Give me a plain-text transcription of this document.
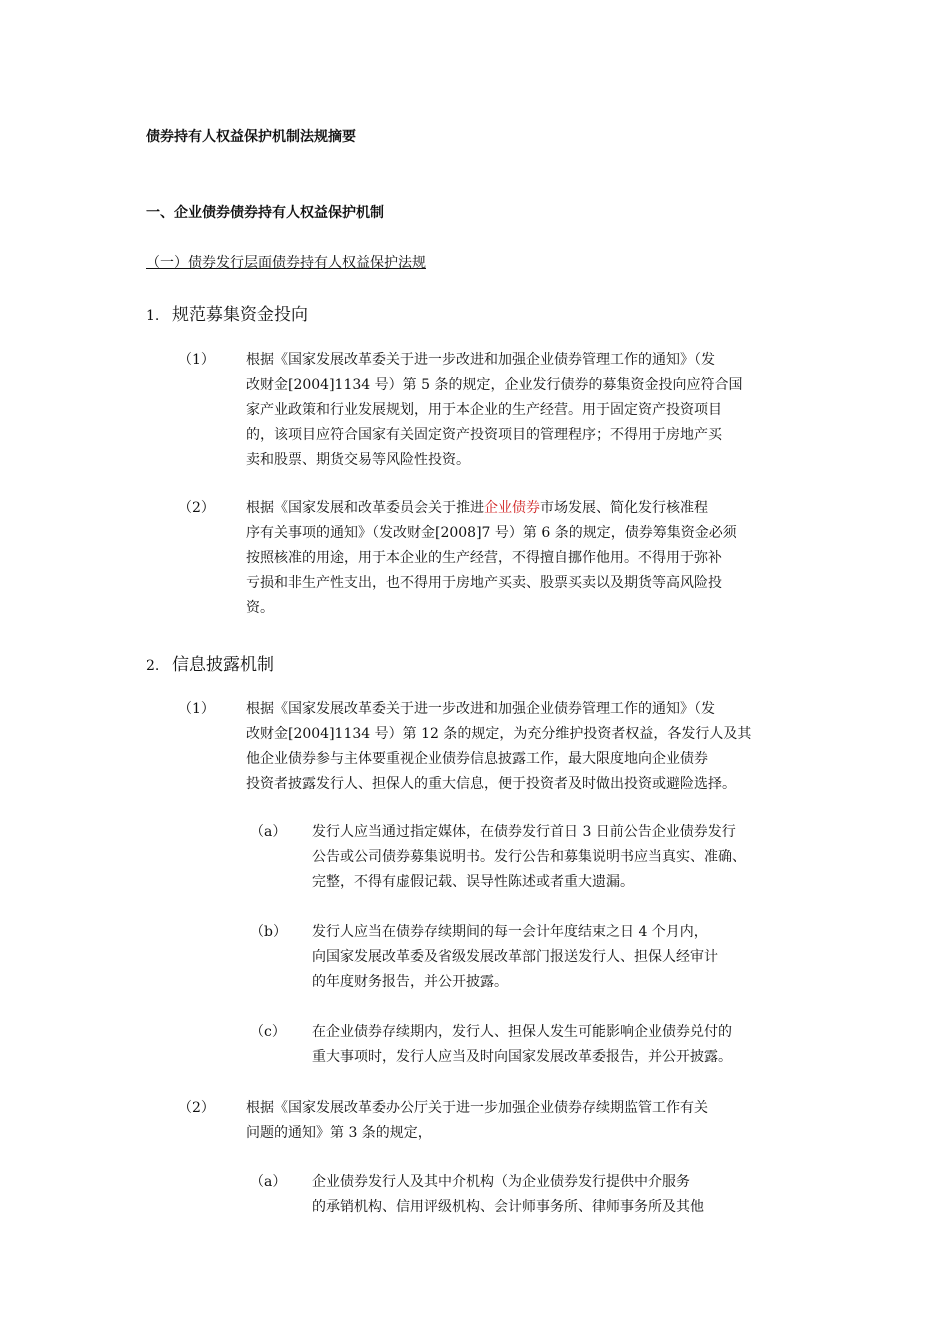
债券持有人权益保护机制法规摘要
一、企业债券债券持有人权益保护机制
（一）债券发行层面债券持有人权益保护法规
1. 规范募集资金投向
（1） 根据《国家发展改革委关于进一步改进和加强企业债券管理工作的通知》（发
改财金[2004]1134 号）第 5 条的规定，企业发行债券的募集资金投向应符合国
家产业政策和行业发展规划，用于本企业的生产经营。用于固定资产投资项目
的，该项目应符合国家有关固定资产投资项目的管理程序；不得用于房地产买
卖和股票、期货交易等风险性投资。
（2） 根据《国家发展和改革委员会关于推进企业债券市场发展、简化发行核准程
序有关事项的通知》（发改财金[2008]7 号）第 6 条的规定，债券筹集资金必须
按照核准的用途，用于本企业的生产经营，不得擅自挪作他用。不得用于弥补
亏损和非生产性支出，也不得用于房地产买卖、股票买卖以及期货等高风险投
资。
2. 信息披露机制
（1） 根据《国家发展改革委关于进一步改进和加强企业债券管理工作的通知》（发
改财金[2004]1134 号）第 12 条的规定，为充分维护投资者权益，各发行人及其
他企业债券参与主体要重视企业债券信息披露工作，最大限度地向企业债券
投资者披露发行人、担保人的重大信息，便于投资者及时做出投资或避险选择。
（a） 发行人应当通过指定媒体，在债券发行首日 3 日前公告企业债券发行
公告或公司债券募集说明书。发行公告和募集说明书应当真实、准确、
完整，不得有虚假记载、误导性陈述或者重大遗漏。
（b） 发行人应当在债券存续期间的每一会计年度结束之日 4 个月内，
向国家发展改革委及省级发展改革部门报送发行人、担保人经审计
的年度财务报告，并公开披露。
（c） 在企业债券存续期内，发行人、担保人发生可能影响企业债券兑付的
重大事项时，发行人应当及时向国家发展改革委报告，并公开披露。
（2） 根据《国家发展改革委办公厅关于进一步加强企业债券存续期监管工作有关
问题的通知》第 3 条的规定，
（a） 企业债券发行人及其中介机构（为企业债券发行提供中介服务
的承销机构、信用评级机构、会计师事务所、律师事务所及其他
